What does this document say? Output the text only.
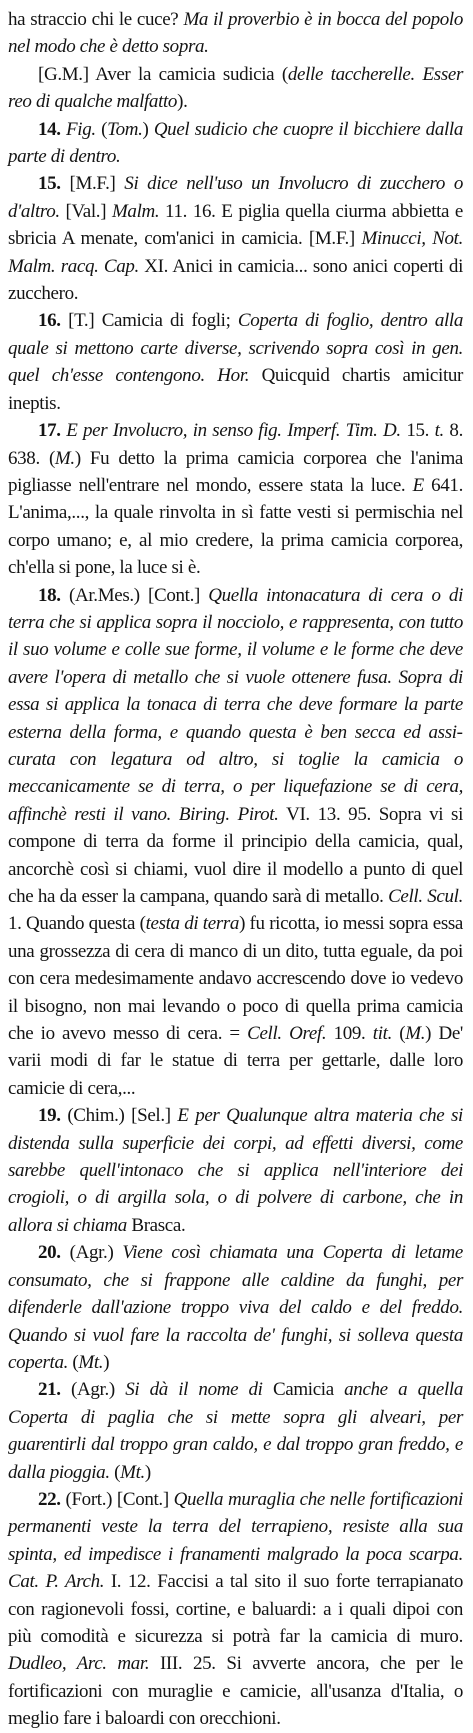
ha stracciο chi le cuce? Ma il proverbio è in bocca del popolo nel modo che è detto sopra.

[G.M.] Aver la camicia sudicia (delle taccherelle. Esser reo di qualche malfatto).

14. Fig. (Tom.) Quel sudicio che cuopre il bicchiere dalla parte di dentro.

15. [M.F.] Si dice nell'uso un Involucro di zucchero o d'altro. [Val.] Malm. 11. 16. E piglia quella ciurma abbietta e sbricia A menate, com'anici in camicia. [M.F.] Minucci, Not. Malm. racq. Cap. XI. Anici in camicia... sono anici coperti di zucchero.

16. [T.] Camicia di fogli; Coperta di foglio, dentro alla quale si mettono carte diverse, scrivendo sopra così in gen. quel ch'esse contengono. Hor. Quicquid chartis amicitur ineptis.

17. E per Involucro, in senso fig. Imperf. Tim. D. 15. t. 8. 638. (M.) Fu detto la prima camicia corporea che l'anima pigliasse nell'entrare nel mondo, essere stata la luce. E 641. L'anima,..., la quale rinvolta in sì fatte vesti si permischia nel corpo umano; e, al mio credere, la prima camicia corporea, ch'ella si pone, la luce si è.

18. (Ar.Mes.) [Cont.] Quella intonacatura di cera o di terra che si applica sopra il nocciolo, e rappresenta, con tutto il suo volume e colle sue forme, il volume e le forme che deve avere l'opera di metallo che si vuole ottenere fusa. Sopra di essa si applica la tonaca di terra che deve formare la parte esterna della forma, e quando questa è ben secca ed assicurata con legatura od altro, si toglie la camicia o meccanicamente se di terra, o per liquefazione se di cera, affinchè resti il vano. Biring. Pirot. VI. 13. 95. Sopra vi si compone di terra da forme il principio della camicia, qual, ancorchè così si chiami, vuol dire il modello a punto di quel che ha da esser la campana, quando sarà di metallo. Cell. Scul. 1. Quando questa (testa di terra) fu ricotta, io messi sopra essa una grossezza di cera di manco di un dito, tutta eguale, da poi con cera medesimamente andavo accrescendo dove io vedevo il bisogno, non mai levando o poco di quella prima camicia che io avevo messo di cera. = Cell. Oref. 109. tit. (M.) De' varii modi di far le statue di terra per gettarle, dalle loro camicie di cera,...

19. (Chim.) [Sel.] E per Qualunque altra materia che si distenda sulla superficie dei corpi, ad effetti diversi, come sarebbe quell'intonaco che si applica nell'interiore dei crogioli, o di argilla sola, o di polvere di carbone, che in allora si chiama Brasca.

20. (Agr.) Viene così chiamata una Coperta di letame consumato, che si frappone alle caldine da funghi, per difenderle dall'azione troppo viva del caldo e del freddo. Quando si vuol fare la raccolta de' funghi, si solleva questa coperta. (Mt.)

21. (Agr.) Si dà il nome di Camicia anche a quella Coperta di paglia che si mette sopra gli alveari, per guarentirli dal troppo gran caldo, e dal troppo gran freddo, e dalla pioggia. (Mt.)

22. (Fort.) [Cont.] Quella muraglia che nelle fortificazioni permanenti veste la terra del terrapieno, resiste alla sua spinta, ed impedisce i franamenti malgrado la poca scarpa. Cat. P. Arch. I. 12. Faccisi a tal sito il suo forte terrapianato con ragionevoli fossi, cortine, e baluardi: a i quali dipoi con più comodità e sicurezza si potrà far la camicia di muro. Dudleo, Arc. mar. III. 25. Si avverte ancora, che per le fortificazioni con muraglie e camicie, all'usanza d'Italia, o meglio fare i baloardi con orecchioni.
